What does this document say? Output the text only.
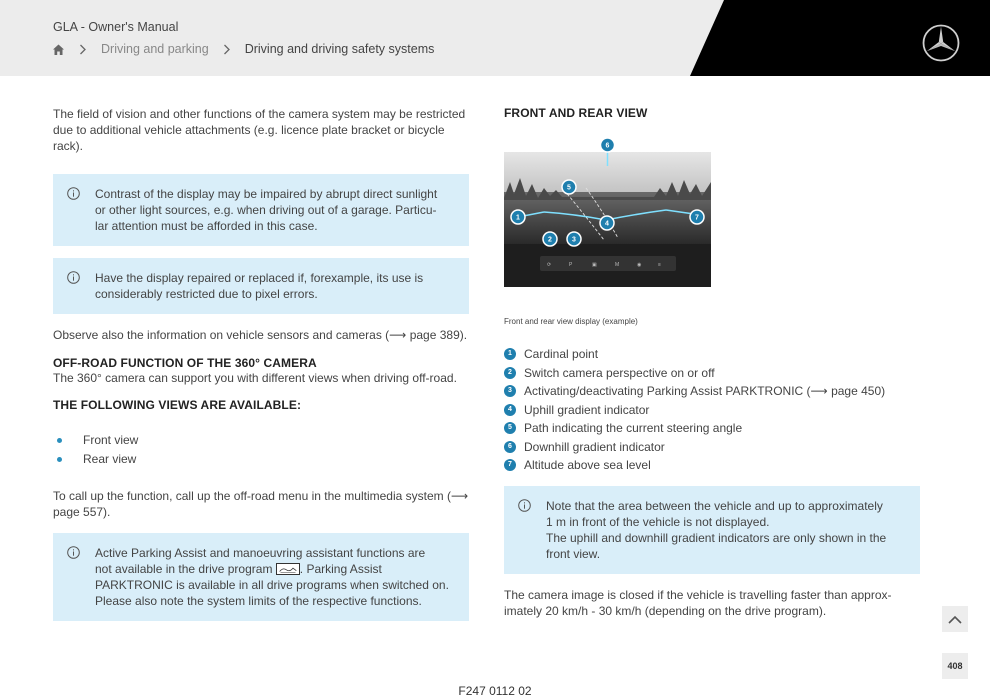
GLA - Owner's Manual
Driving and parking	Driving and driving safety systems

The field of vision and other functions of the camera system may be restricted due to additional vehicle attachments (e.g. licence plate bracket or bicycle rack).

Contrast of the display may be impaired by abrupt direct sunlight
or other light sources, e.g. when driving out of a garage. Particu-
lar attention must be afforded in this case.
Have the display repaired or replaced if, forexample, its use is
considerably restricted due to pixel errors.

Observe also the information on vehicle sensors and cameras (⟶ page 389).

OFF-ROAD FUNCTION OF THE 360° CAMERA

The 360° camera can support you with different views when driving off-road.

THE FOLLOWING VIEWS ARE AVAILABLE:
Front view
Rear view

To call up the function, call up the off-road menu in the multimedia system (⟶ page 557).

Active Parking Assist and manoeuvring assistant functions are
not available in the drive program . Parking Assist
PARKTRONIC is available in all drive programs when switched on.
Please also note the system limits of the respective functions.
FRONT AND REAR VIEW
⟳	P	▣	M	◉	≡
1
2	3
4
5
6
7
Front and rear view display (example)
1	Cardinal point
2	Switch camera perspective on or off
3	Activating/deactivating Parking Assist PARKTRONIC (⟶ page 450)
4	Uphill gradient indicator
5	Path indicating the current steering angle
6	Downhill gradient indicator
7	Altitude above sea level
Note that the area between the vehicle and up to approximately
1 m in front of the vehicle is not displayed.
The uphill and downhill gradient indicators are only shown in the
front view.

The camera image is closed if the vehicle is travelling faster than approx-imately 20 km/h - 30 km/h (depending on the drive program).

408
F247 0112 02
